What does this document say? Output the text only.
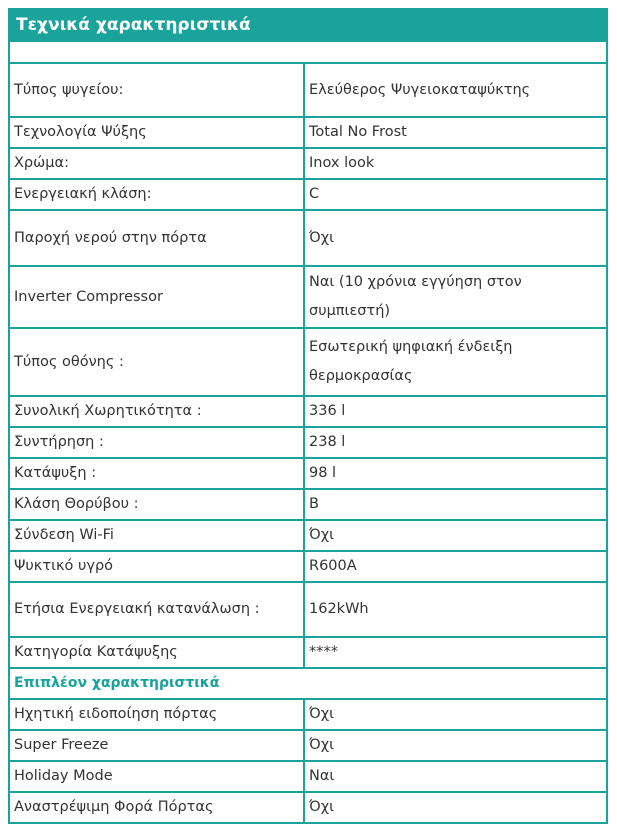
Τεχνικά χαρακτηριστικά	

Τύπος ψυγείου:	Ελεύθερος Ψυγειοκαταψύκτης
Τεχνολογία Ψύξης	Total No Frost
Χρώμα:	Inox look
Ενεργειακή κλάση:	C
Παροχή νερού στην πόρτα	Όχι
Inverter Compressor	Ναι (10 χρόνια εγγύηση στον συμπιεστή)
Τύπος οθόνης :	Εσωτερική ψηφιακή ένδειξη θερμοκρασίας
Συνολική Χωρητικότητα :	336 l
Συντήρηση :	238 l
Κατάψυξη :	98 l
Κλάση Θορύβου :	B
Σύνδεση Wi-Fi	Όχι
Ψυκτικό υγρό	R600A
Ετήσια Ενεργειακή κατανάλωση :	162kWh
Κατηγορία Κατάψυξης	****
Επιπλέον χαρακτηριστικά	
Ηχητική ειδοποίηση πόρτας	Όχι
Super Freeze	Όχι
Holiday Mode	Ναι
Αναστρέψιμη Φορά Πόρτας	Όχι
